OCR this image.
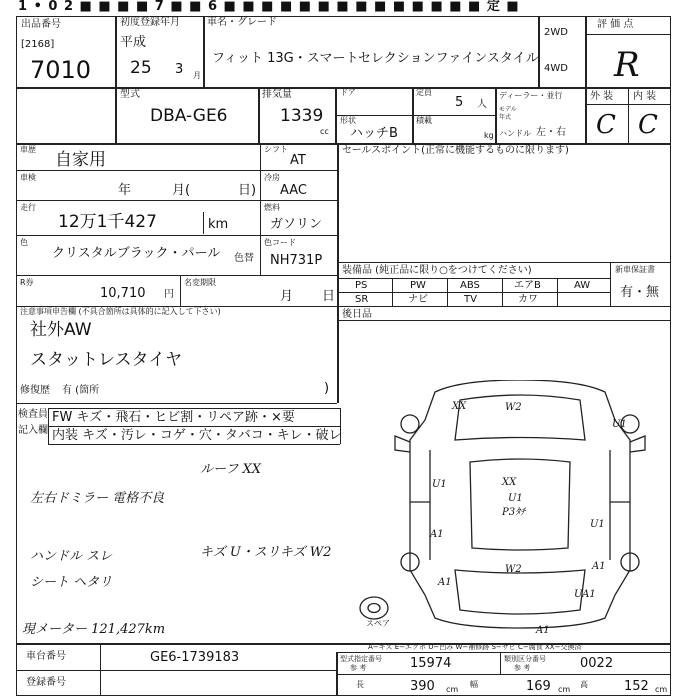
1 • 0 2 ■ ■ ■ ■ 7 ■ ■ 6 ■ ■ ■ ■ ■ ■ ■ ■ ■ ■ ■ ■ ■ ■ 定 ■
出品番号
[2168]
7010
初度登録年月
平成
25 3 月
車名・グレード
フィット 13G・スマートセレクションファインスタイル
2WD
4WD
評 価 点
R
型式
DBA-GE6
排気量
1339
cc
ドア	定員
5 人
形状
ハッチB
積載
kg
ディーラー・並行
モデル
年式
ハンドル 左・右
外 装 内 装
C C
車歴
自家用
シフト
AT
車検
年	月(	日)
冷房
AAC
走行
12万1千427	km
燃料
ガソリン
色
クリスタルブラック・パール 色替
色コード
NH731P
R券
10,710 円
名変期限
月 日
注意事項申告欄 (不具合箇所は具体的に記入して下さい)
社外AW
スタットレスタイヤ
修復歴 有 (箇所	)
セールスポイント(正常に機能するものに限ります)
装備品 (純正品に限り○をつけてください)	新車保証書
有・無
PS	PW	ABS	エアB	AW
SR	ナビ	TV	カワ
後日品
検査員
記入欄
FW キズ・飛石・ヒビ割・リペア跡・×要
内装 キズ・汚レ・コゲ・穴・タバコ・キレ・破レ
ルーフ XX
左右ドミラー 電格不良
ハンドル スレ
シート ヘタリ
キズ U・スリキズ W2
現メーター 121,427km
XX	W2
U1
XX
U1
P3ﾀﾁ
U1
U1
A1
W2
A1
A1
UA1
A1
スペア
A−キズ E−エクボ U−凹み W−補修跡 S−サビ C−腐食 XX−交換済
車台番号	GE6-1739183
登録番号
型式指定番号
参 考	15974	類別区分番号
参 考	0022
長	390 cm
幅	169 cm
高	152 cm
